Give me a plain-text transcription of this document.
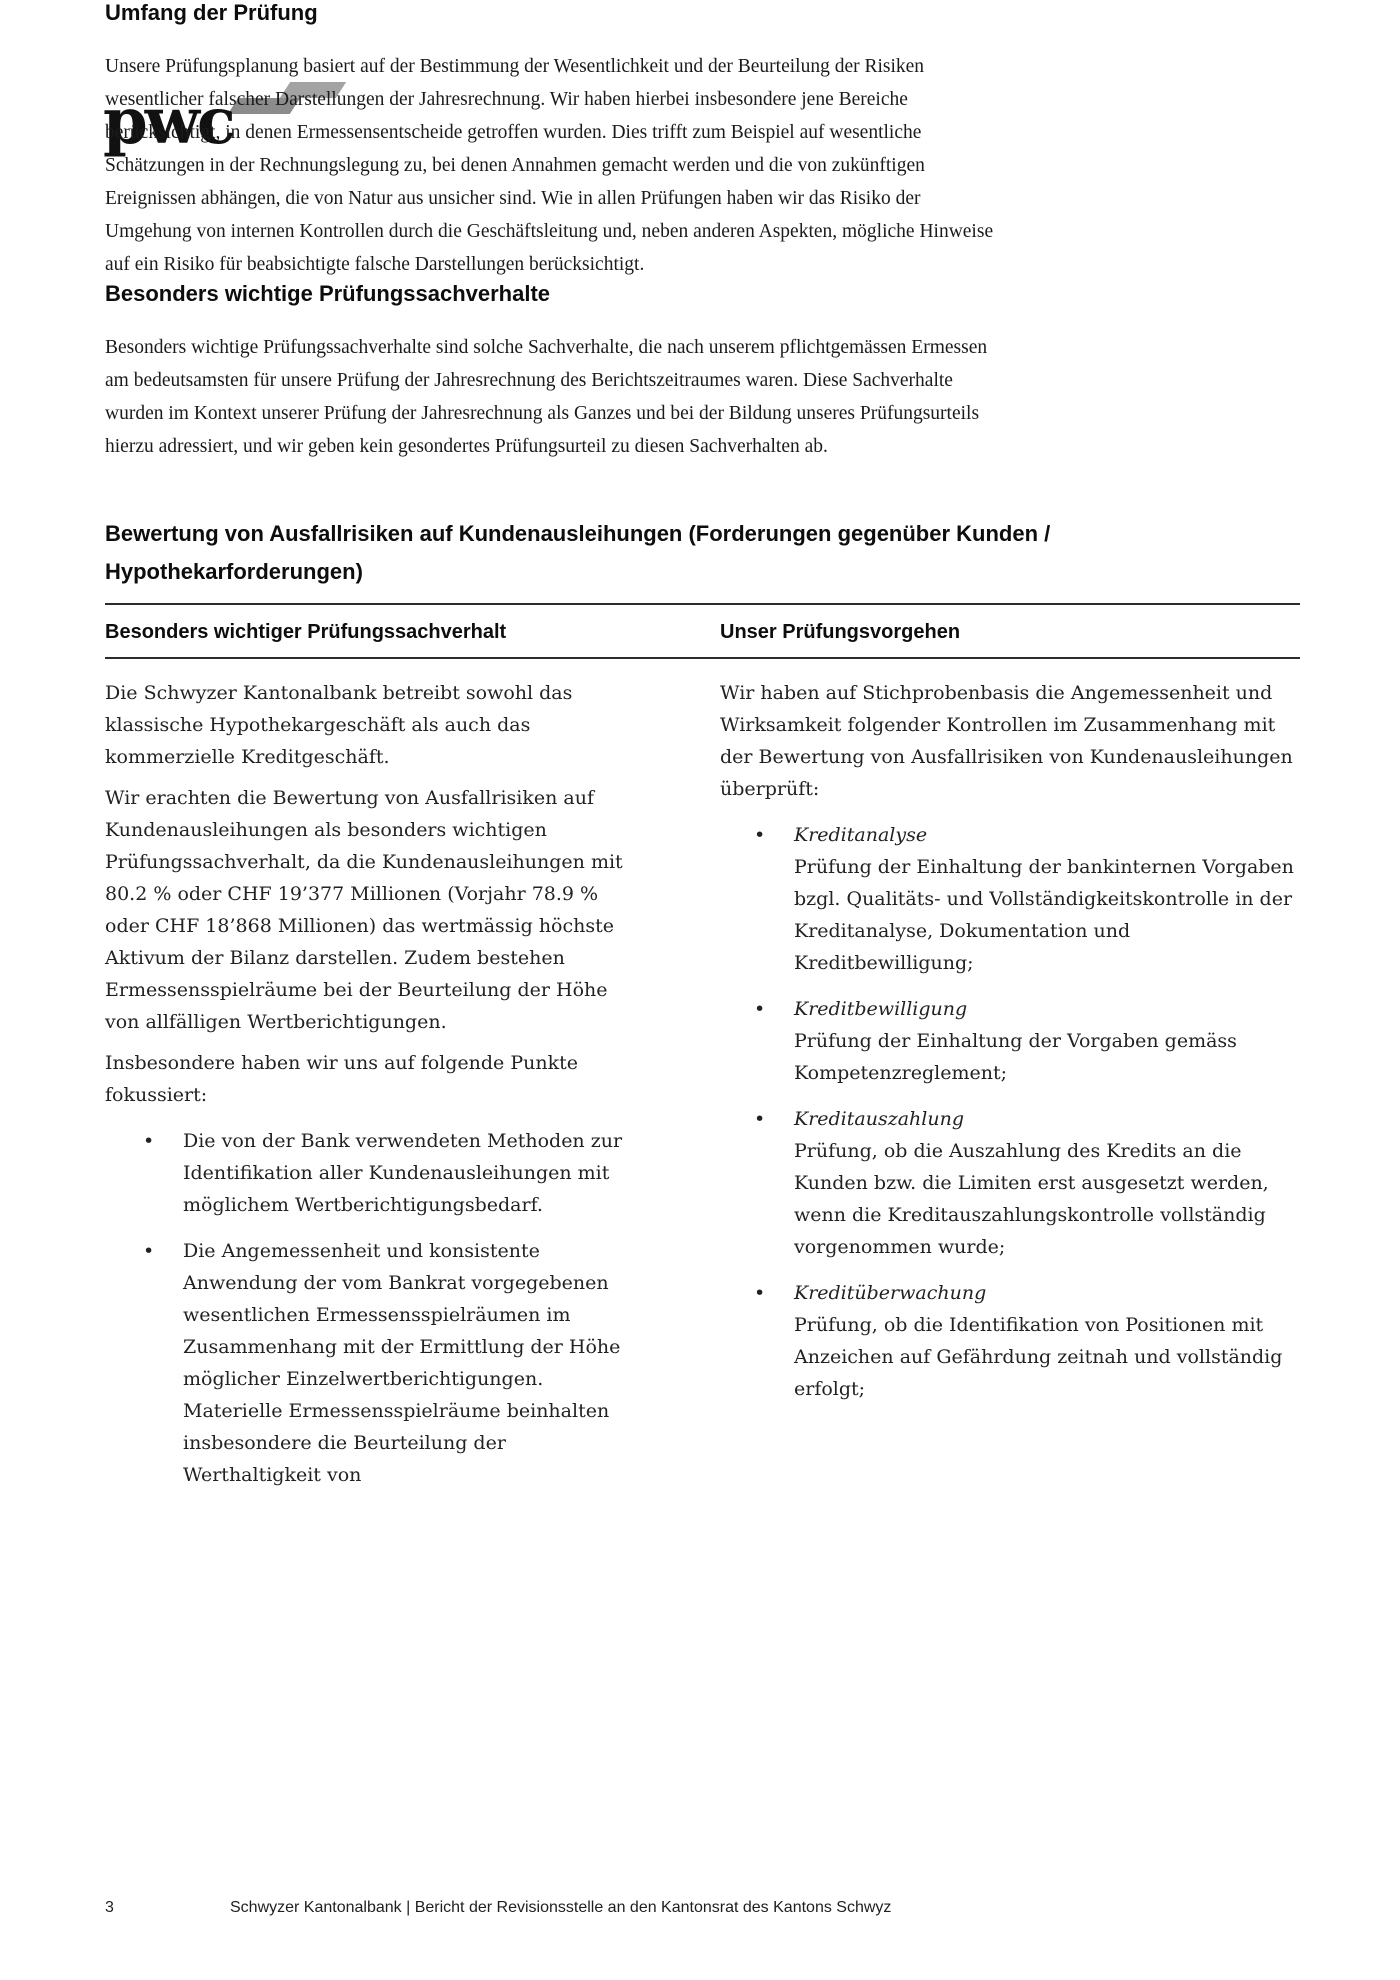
pwc
Umfang der Prüfung

Unsere Prüfungsplanung basiert auf der Bestimmung der Wesentlichkeit und der Beurteilung der Risiken wesentlicher falscher Darstellungen der Jahresrechnung. Wir haben hierbei insbesondere jene Bereiche berücksichtigt, in denen Ermessensentscheide getroffen wurden. Dies trifft zum Beispiel auf wesentliche Schätzungen in der Rechnungslegung zu, bei denen Annahmen gemacht werden und die von zukünftigen Ereignissen abhängen, die von Natur aus unsicher sind. Wie in allen Prüfungen haben wir das Risiko der Umgehung von internen Kontrollen durch die Geschäftsleitung und, neben anderen Aspekten, mögliche Hinweise auf ein Risiko für beabsichtigte falsche Darstellungen berücksichtigt.

Besonders wichtige Prüfungssachverhalte

Besonders wichtige Prüfungssachverhalte sind solche Sachverhalte, die nach unserem pflichtgemässen Ermessen am bedeutsamsten für unsere Prüfung der Jahresrechnung des Berichtszeitraumes waren. Diese Sachverhalte wurden im Kontext unserer Prüfung der Jahresrechnung als Ganzes und bei der Bildung unseres Prüfungsurteils hierzu adressiert, und wir geben kein gesondertes Prüfungsurteil zu diesen Sachverhalten ab.

Bewertung von Ausfallrisiken auf Kundenausleihungen (Forderungen gegenüber Kunden / Hypothekarforderungen)
Besonders wichtiger Prüfungssachverhalt	Unser Prüfungsvorgehen

Die Schwyzer Kantonalbank betreibt sowohl das klassische Hypothekargeschäft als auch das kommerzielle Kreditgeschäft.

Wir erachten die Bewertung von Ausfallrisiken auf Kundenausleihungen als besonders wichtigen Prüfungssachverhalt, da die Kundenausleihungen mit 80.2 % oder CHF 19’377 Millionen (Vorjahr 78.9 % oder CHF 18’868 Millionen) das wertmässig höchste Aktivum der Bilanz darstellen. Zudem bestehen Ermessensspielräume bei der Beurteilung der Höhe von allfälligen Wertberichtigungen.

Insbesondere haben wir uns auf folgende Punkte fokussiert:

• Die von der Bank verwendeten Methoden zur Identifikation aller Kundenausleihungen mit möglichem Wertberichtigungsbedarf.
• Die Angemessenheit und konsistente Anwendung der vom Bankrat vorgegebenen wesentlichen Ermessensspielräumen im Zusammenhang mit der Ermittlung der Höhe möglicher Einzelwertberichtigungen. Materielle Ermessensspielräume beinhalten insbesondere die Beurteilung der Werthaltigkeit von

Wir haben auf Stichprobenbasis die Angemessenheit und Wirksamkeit folgender Kontrollen im Zusammenhang mit der Bewertung von Ausfallrisiken von Kundenausleihungen überprüft:

• Kreditanalyse
Prüfung der Einhaltung der bankinternen Vorgaben bzgl. Qualitäts- und Vollständigkeitskontrolle in der Kreditanalyse, Dokumentation und Kreditbewilligung;
• Kreditbewilligung
Prüfung der Einhaltung der Vorgaben gemäss Kompetenzreglement;
• Kreditauszahlung
Prüfung, ob die Auszahlung des Kredits an die Kunden bzw. die Limiten erst ausgesetzt werden, wenn die Kreditauszahlungskontrolle vollständig vorgenommen wurde;
• Kreditüberwachung
Prüfung, ob die Identifikation von Positionen mit Anzeichen auf Gefährdung zeitnah und vollständig erfolgt;
3	Schwyzer Kantonalbank | Bericht der Revisionsstelle an den Kantonsrat des Kantons Schwyz
